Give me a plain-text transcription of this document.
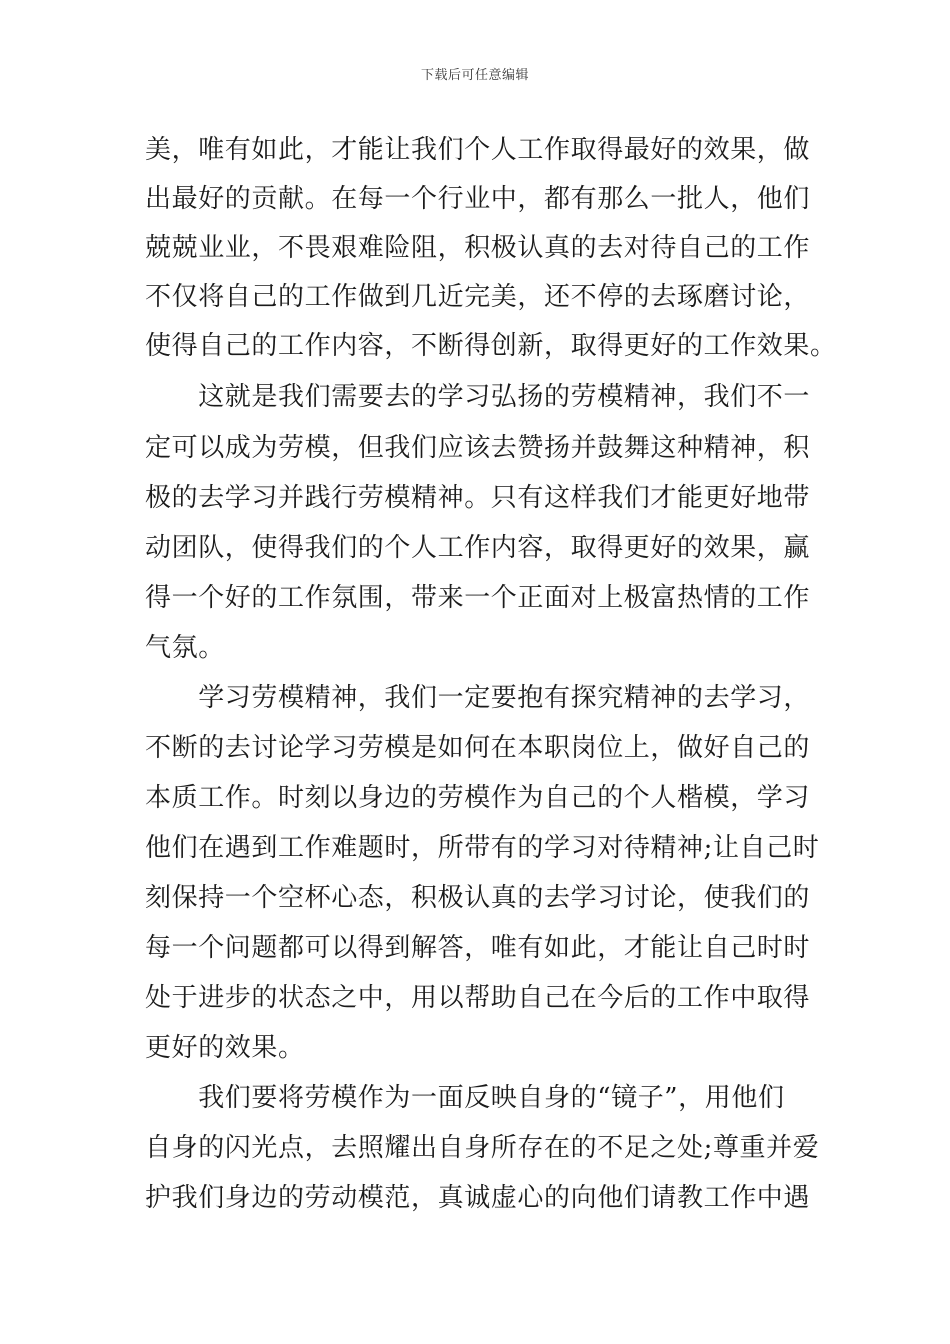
下载后可任意编辑
美，唯有如此，才能让我们个人工作取得最好的效果，做
出最好的贡献。在每一个行业中，都有那么一批人，他们
兢兢业业，不畏艰难险阻，积极认真的去对待自己的工作
不仅将自己的工作做到几近完美，还不停的去琢磨讨论，
使得自己的工作内容，不断得创新，取得更好的工作效果。
　　这就是我们需要去的学习弘扬的劳模精神，我们不一
定可以成为劳模，但我们应该去赞扬并鼓舞这种精神，积
极的去学习并践行劳模精神。只有这样我们才能更好地带
动团队，使得我们的个人工作内容，取得更好的效果，赢
得一个好的工作氛围，带来一个正面对上极富热情的工作
气氛。
　　学习劳模精神，我们一定要抱有探究精神的去学习，
不断的去讨论学习劳模是如何在本职岗位上，做好自己的
本质工作。时刻以身边的劳模作为自己的个人楷模，学习
他们在遇到工作难题时，所带有的学习对待精神;让自己时
刻保持一个空杯心态，积极认真的去学习讨论，使我们的
每一个问题都可以得到解答，唯有如此，才能让自己时时
处于进步的状态之中，用以帮助自己在今后的工作中取得
更好的效果。
　　我们要将劳模作为一面反映自身的“镜子”，用他们
自身的闪光点，去照耀出自身所存在的不足之处;尊重并爱
护我们身边的劳动模范，真诚虚心的向他们请教工作中遇
